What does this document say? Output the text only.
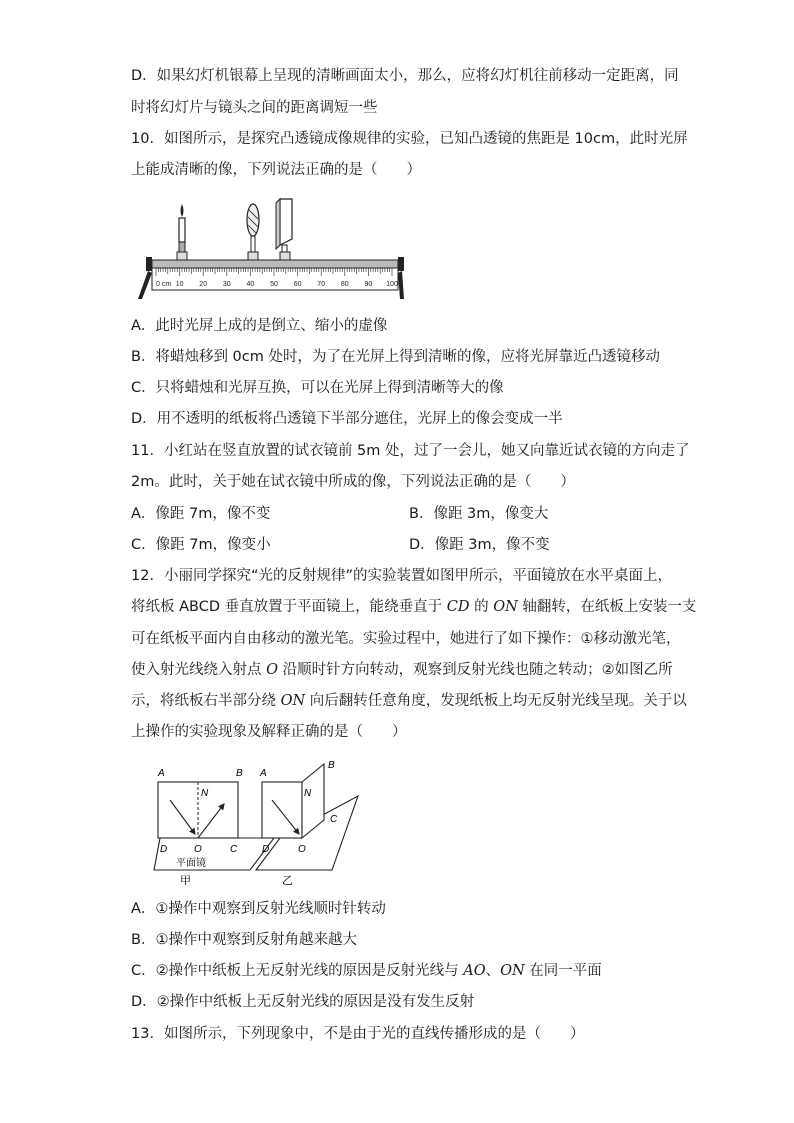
D．如果幻灯机银幕上呈现的清晰画面太小，那么，应将幻灯机往前移动一定距离，同
时将幻灯片与镜头之间的距离调短一些
10．如图所示，是探究凸透镜成像规律的实验，已知凸透镜的焦距是 10cm，此时光屏
上能成清晰的像，下列说法正确的是（　　）
0 cm 10 20 30 40 50 60 70 80 90 100
A．此时光屏上成的是倒立、缩小的虚像
B．将蜡烛移到 0cm 处时，为了在光屏上得到清晰的像，应将光屏靠近凸透镜移动
C．只将蜡烛和光屏互换，可以在光屏上得到清晰等大的像
D．用不透明的纸板将凸透镜下半部分遮住，光屏上的像会变成一半
11．小红站在竖直放置的试衣镜前 5m 处，过了一会儿，她又向靠近试衣镜的方向走了
2m。此时，关于她在试衣镜中所成的像，下列说法正确的是（　　）
A．像距 7m，像不变	B．像距 3m，像变大
C．像距 7m，像变小	D．像距 3m，像不变
12．小丽同学探究“光的反射规律”的实验装置如图甲所示，平面镜放在水平桌面上，
将纸板 ABCD 垂直放置于平面镜上，能绕垂直于 CD 的 ON 轴翻转，在纸板上安装一支
可在纸板平面内自由移动的激光笔。实验过程中，她进行了如下操作：①移动激光笔，
使入射光线绕入射点 O 沿顺时针方向转动，观察到反射光线也随之转动；②如图乙所
示，将纸板右半部分绕 ON 向后翻转任意角度，发现纸板上均无反射光线呈现。关于以
上操作的实验现象及解释正确的是（　　）
A	B
N
O	C
D
平面镜
甲
A
B
N
O
C
D
乙
A．①操作中观察到反射光线顺时针转动
B．①操作中观察到反射角越来越大
C．②操作中纸板上无反射光线的原因是反射光线与 AO、ON 在同一平面
D．②操作中纸板上无反射光线的原因是没有发生反射
13．如图所示，下列现象中，不是由于光的直线传播形成的是（　　）
